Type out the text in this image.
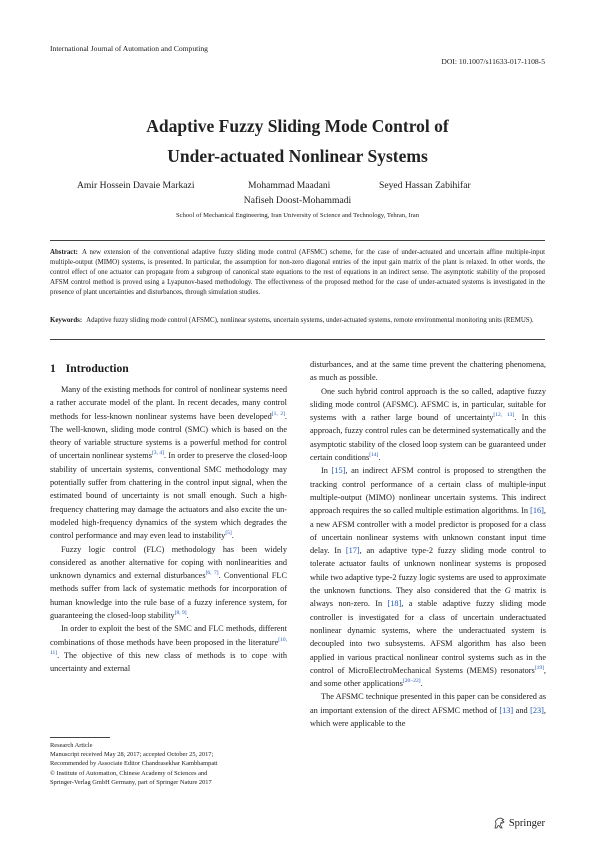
International Journal of Automation and Computing
DOI: 10.1007/s11633-017-1108-5
Adaptive Fuzzy Sliding Mode Control of
Under-actuated Nonlinear Systems
Amir Hossein Davaie Markazi	Mohammad Maadani	Seyed Hassan Zabihifar
Nafiseh Doost-Mohammadi
School of Mechanical Engineering, Iran University of Science and Technology, Tehran, Iran
Abstract: A new extension of the conventional adaptive fuzzy sliding mode control (AFSMC) scheme, for the case of under-actuated and uncertain affine multiple-input multiple-output (MIMO) systems, is presented. In particular, the assumption for non-zero diagonal entries of the input gain matrix of the plant is relaxed. In other words, the control effect of one actuator can propagate from a subgroup of canonical state equations to the rest of equations in an indirect sense. The asymptotic stability of the proposed AFSM control method is proved using a Lyapunov-based methodology. The effectiveness of the proposed method for the case of under-actuated systems is investigated in the presence of plant uncertainties and disturbances, through simulation studies.
Keywords: Adaptive fuzzy sliding mode control (AFSMC), nonlinear systems, uncertain systems, under-actuated systems, remote environmental monitoring units (REMUS).
1 Introduction

Many of the existing methods for control of nonlinear systems need a rather accurate model of the plant. In recent decades, many control methods for less-known nonlinear systems have been developed[1, 2]. The well-known, sliding mode control (SMC) which is based on the theory of variable structure systems is a powerful method for control of uncertain nonlinear systems[3, 4]. In order to preserve the closed-loop stability of uncertain systems, conventional SMC methodology may potentially suffer from chattering in the control input signal, when the estimated bound of uncertainty is not small enough. Such a high-frequency chattering may damage the actuators and also excite the un-modeled high-frequency dynamics of the system which degrades the control performance and may even lead to instability[5].

Fuzzy logic control (FLC) methodology has been widely considered as another alternative for coping with nonlinearities and unknown dynamics and external disturbances[6, 7]. Conventional FLC methods suffer from lack of systematic methods for incorporation of human knowledge into the rule base of a fuzzy inference system, for guaranteeing the closed-loop stability[8, 9].

In order to exploit the best of the SMC and FLC methods, different combinations of those methods have been proposed in the literature[10, 11]. The objective of this new class of methods is to cope with uncertainty and external

Research Article
Manuscript received May 28, 2017; accepted October 25, 2017;
Recommended by Associate Editor Chandrasekhar Kambhampati
© Institute of Automation, Chinese Academy of Sciences and
Springer-Verlag GmbH Germany, part of Springer Nature 2017

disturbances, and at the same time prevent the chattering phenomena, as much as possible.

One such hybrid control approach is the so called, adaptive fuzzy sliding mode control (AFSMC). AFSMC is, in particular, suitable for systems with a rather large bound of uncertainty[12, 13]. In this approach, fuzzy control rules can be determined systematically and the asymptotic stability of the closed loop system can be guaranteed under certain conditions[14].

In [15], an indirect AFSM control is proposed to strengthen the tracking control performance of a certain class of multiple-input multiple-output (MIMO) nonlinear uncertain systems. This indirect approach requires the so called multiple estimation algorithms. In [16], a new AFSM controller with a model predictor is proposed for a class of uncertain nonlinear systems with unknown constant input time delay. In [17], an adaptive type-2 fuzzy sliding mode control to tolerate actuator faults of unknown nonlinear systems is proposed while two adaptive type-2 fuzzy logic systems are used to approximate the unknown functions. They also considered that the G matrix is always non-zero. In [18], a stable adaptive fuzzy sliding mode controller is investigated for a class of uncertain underactuated nonlinear dynamic systems, where the underactuated system is decoupled into two subsystems. AFSM algorithm has also been applied in various practical nonlinear control systems such as in the control of MicroElectroMechanical Systems (MEMS) resonators[19], and some other applications[20−22].

The AFSMC technique presented in this paper can be considered as an important extension of the direct AFSMC method of [13] and [23], which were applicable to the

Springer
